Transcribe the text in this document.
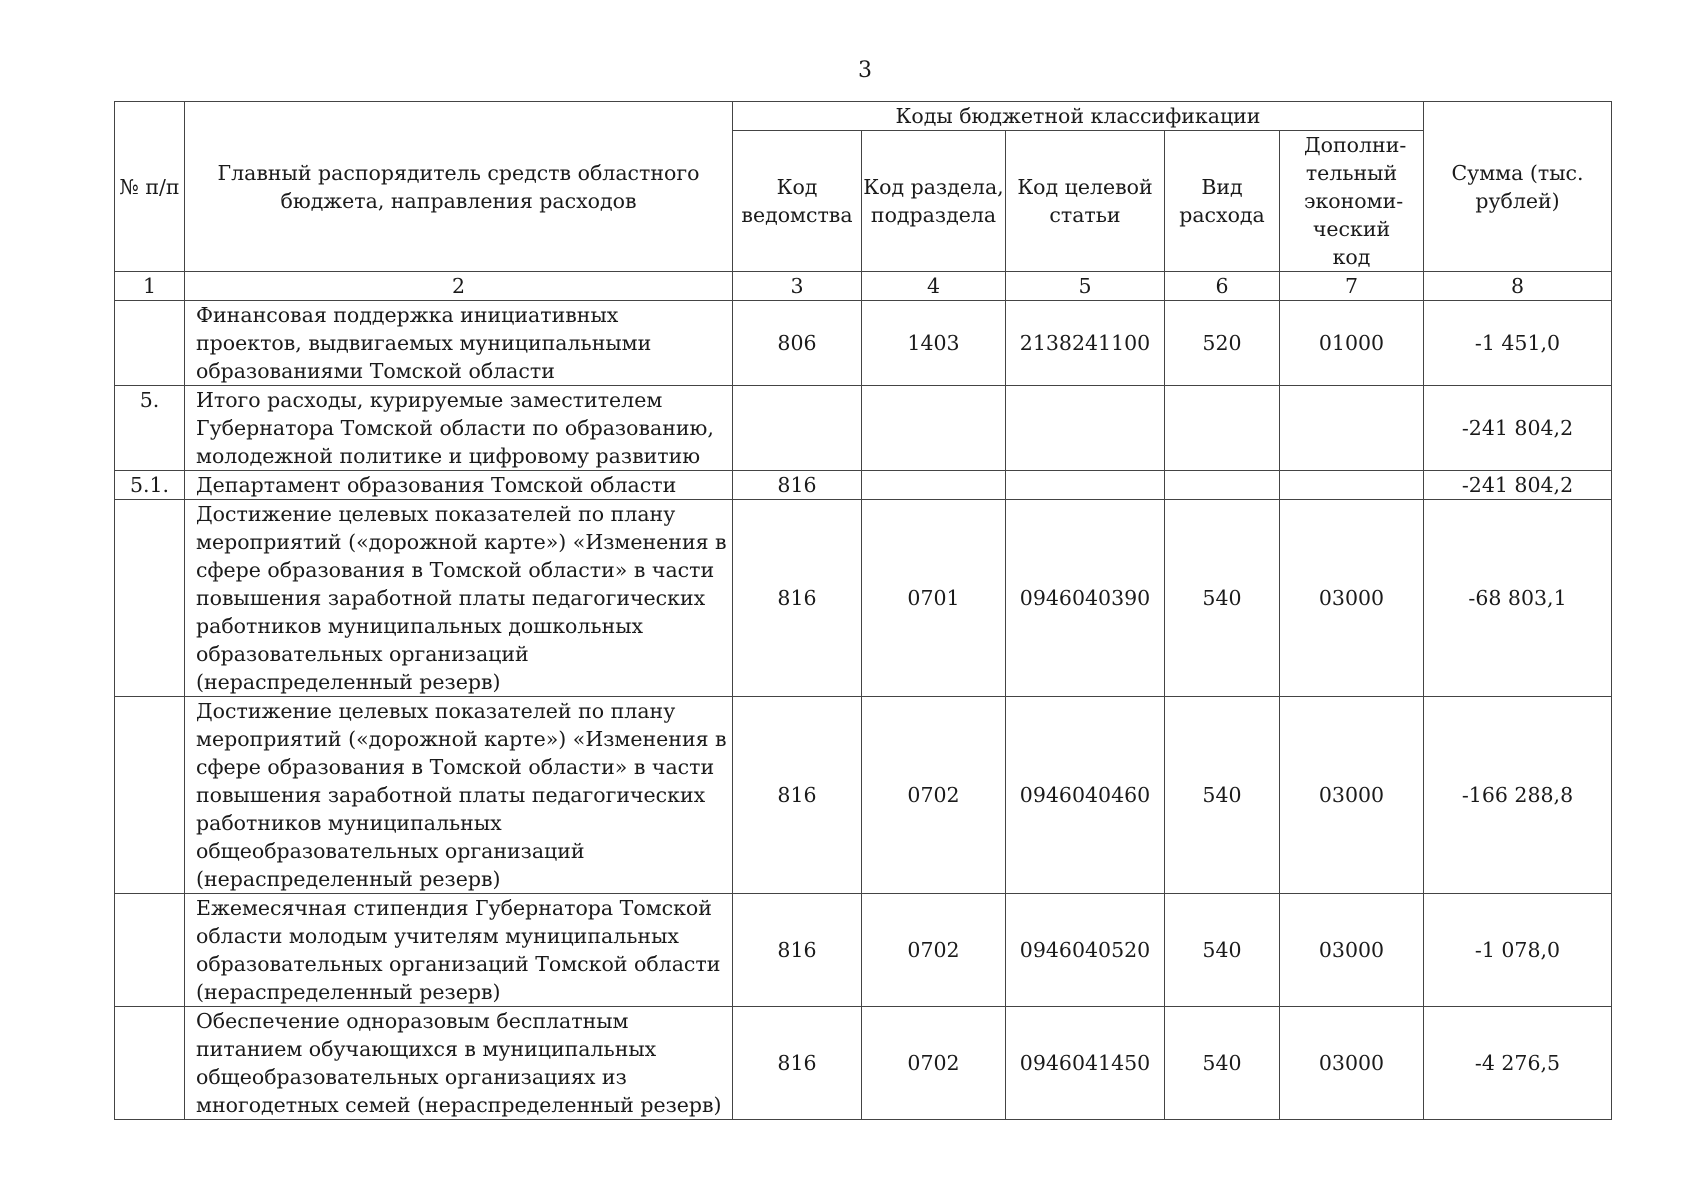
3
№ п/п	Главный распорядитель средств областного бюджета, направления расходов	Коды бюджетной классификации					Сумма (тыс. рублей)
		Код ведомства	Код раздела, подраздела	Код целевой статьи	Вид расхода	Дополни-тельный экономи-ческий код	
1	2	3	4	5	6	7	8
	Финансовая поддержка инициативных проектов, выдвигаемых муниципальными образованиями Томской области	806	1403	2138241100	520	01000	-1 451,0
5.	Итого расходы, курируемые заместителем Губернатора Томской области по образованию, молодежной политике и цифровому развитию						-241 804,2
5.1.	Департамент образования Томской области	816					-241 804,2
	Достижение целевых показателей по плану мероприятий («дорожной карте») «Изменения в сфере образования в Томской области» в части повышения заработной платы педагогических работников муниципальных дошкольных образовательных организаций (нераспределенный резерв)	816	0701	0946040390	540	03000	-68 803,1
	Достижение целевых показателей по плану мероприятий («дорожной карте») «Изменения в сфере образования в Томской области» в части повышения заработной платы педагогических работников муниципальных общеобразовательных организаций (нераспределенный резерв)	816	0702	0946040460	540	03000	-166 288,8
	Ежемесячная стипендия Губернатора Томской области молодым учителям муниципальных образовательных организаций Томской области (нераспределенный резерв)	816	0702	0946040520	540	03000	-1 078,0
	Обеспечение одноразовым бесплатным питанием обучающихся в муниципальных общеобразовательных организациях из многодетных семей (нераспределенный резерв)	816	0702	0946041450	540	03000	-4 276,5
